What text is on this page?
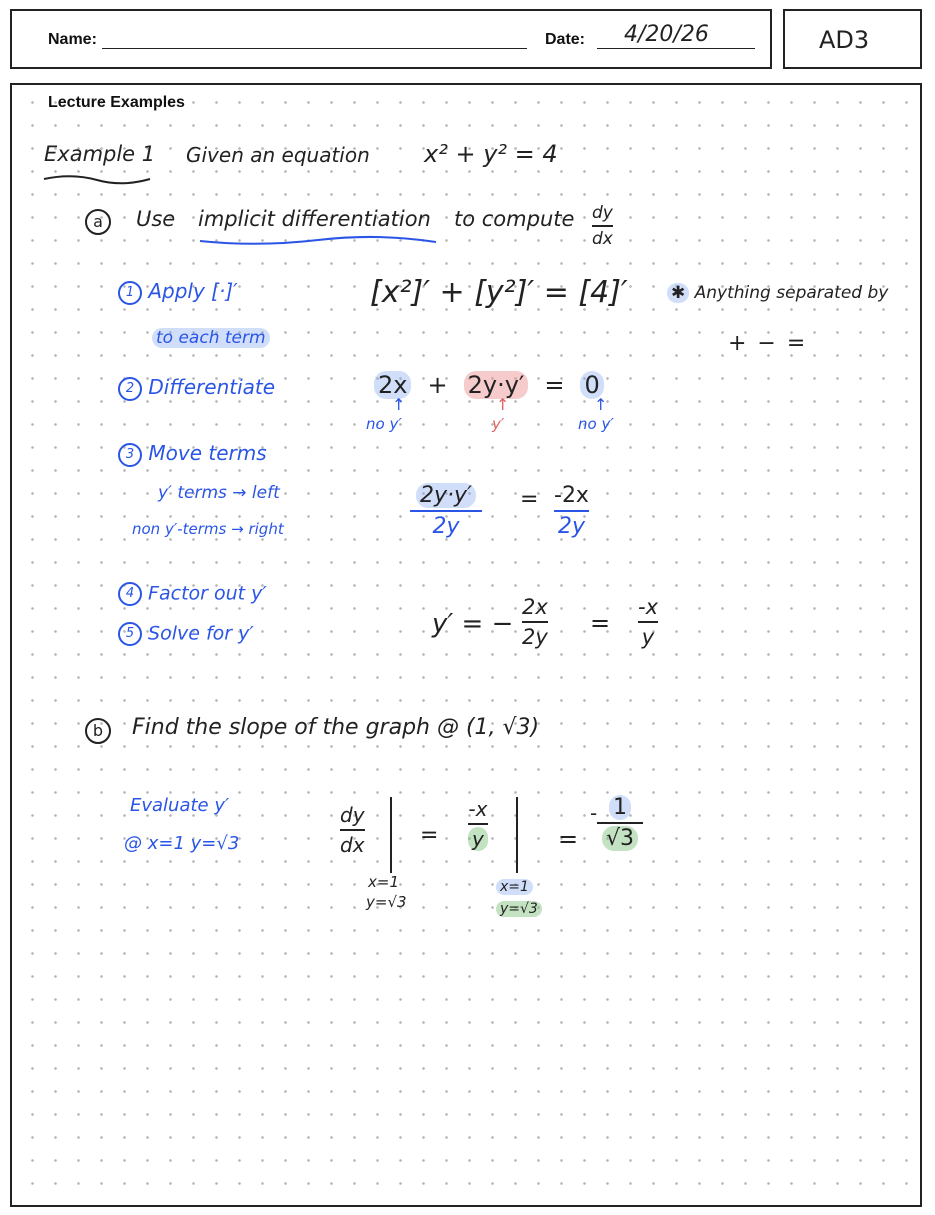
Name:	Date: 4/20/26	AD3
Lecture Examples
Example 1 Given an equation x² + y² = 4
a	Use implicit differentiation to compute dy
dx
1 Apply [·]′
to each term
[x²]′ + [y²]′ = [4]′	✱ Anything separated by
+ − =
2 Differentiate	2x + 2y·y′ = 0
↑
no y′
↑
y′
↑
no y′
3 Move terms
y′ terms → left
non y′-terms → right
2y·y′
2y
= -2x
2y
4 Factor out y′
5 Solve for y′	y′ = −
2x
2y =
-x
y
b	Find the slope of the graph @ (1, √3)
Evaluate y′
@ x=1 y=√3
dy
dx
x=1
y=√3
=
-x
y
x=1
y=√3
=
- 1
√3
